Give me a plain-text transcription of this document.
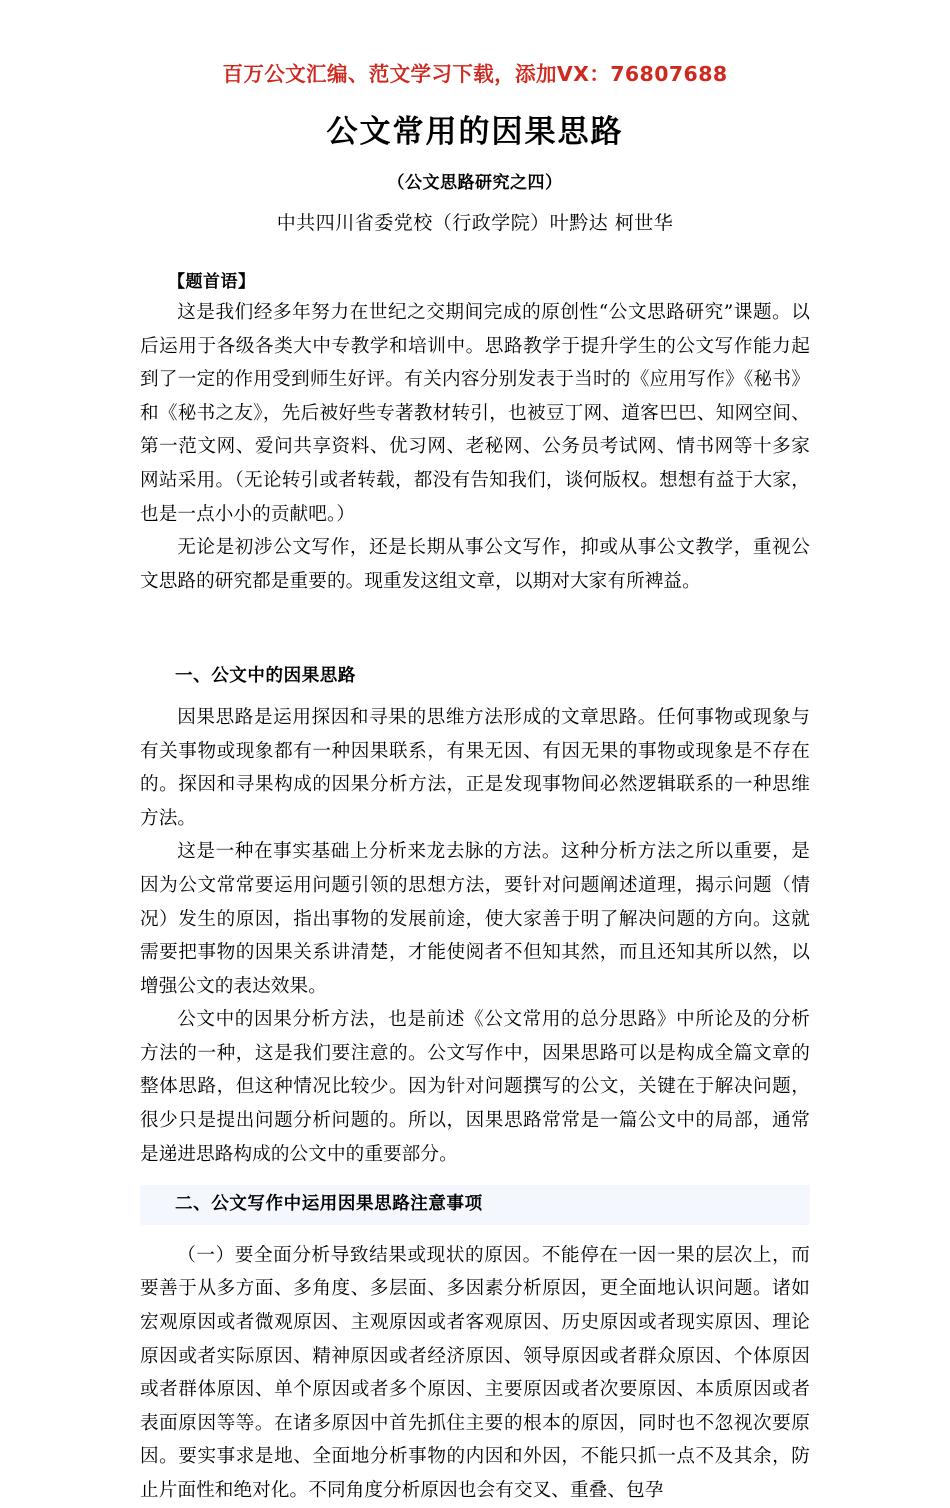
百万公文汇编、范文学习下载，添加VX：76807688
公文常用的因果思路
（公文思路研究之四）
中共四川省委党校（行政学院）叶黔达 柯世华
【题首语】

这是我们经多年努力在世纪之交期间完成的原创性“公文思路研究”课题。以后运用于各级各类大中专教学和培训中。思路教学于提升学生的公文写作能力起到了一定的作用受到师生好评。有关内容分别发表于当时的《应用写作》《秘书》和《秘书之友》，先后被好些专著教材转引，也被豆丁网、道客巴巴、知网空间、第一范文网、爱问共享资料、优习网、老秘网、公务员考试网、情书网等十多家网站采用。（无论转引或者转载，都没有告知我们，谈何版权。想想有益于大家，也是一点小小的贡献吧。）

无论是初涉公文写作，还是长期从事公文写作，抑或从事公文教学，重视公文思路的研究都是重要的。现重发这组文章，以期对大家有所裨益。

一、公文中的因果思路

因果思路是运用探因和寻果的思维方法形成的文章思路。任何事物或现象与有关事物或现象都有一种因果联系，有果无因、有因无果的事物或现象是不存在的。探因和寻果构成的因果分析方法，正是发现事物间必然逻辑联系的一种思维方法。

这是一种在事实基础上分析来龙去脉的方法。这种分析方法之所以重要，是因为公文常常要运用问题引领的思想方法，要针对问题阐述道理，揭示问题（情况）发生的原因，指出事物的发展前途，使大家善于明了解决问题的方向。这就需要把事物的因果关系讲清楚，才能使阅者不但知其然，而且还知其所以然，以增强公文的表达效果。

公文中的因果分析方法，也是前述《公文常用的总分思路》中所论及的分析方法的一种，这是我们要注意的。公文写作中，因果思路可以是构成全篇文章的整体思路，但这种情况比较少。因为针对问题撰写的公文，关键在于解决问题，很少只是提出问题分析问题的。所以，因果思路常常是一篇公文中的局部，通常是递进思路构成的公文中的重要部分。

二、公文写作中运用因果思路注意事项

（一）要全面分析导致结果或现状的原因。不能停在一因一果的层次上，而要善于从多方面、多角度、多层面、多因素分析原因，更全面地认识问题。诸如宏观原因或者微观原因、主观原因或者客观原因、历史原因或者现实原因、理论原因或者实际原因、精神原因或者经济原因、领导原因或者群众原因、个体原因或者群体原因、单个原因或者多个原因、主要原因或者次要原因、本质原因或者表面原因等等。在诸多原因中首先抓住主要的根本的原因，同时也不忽视次要原因。要实事求是地、全面地分析事物的内因和外因，不能只抓一点不及其余，防止片面性和绝对化。不同角度分析原因也会有交叉、重叠、包孕
